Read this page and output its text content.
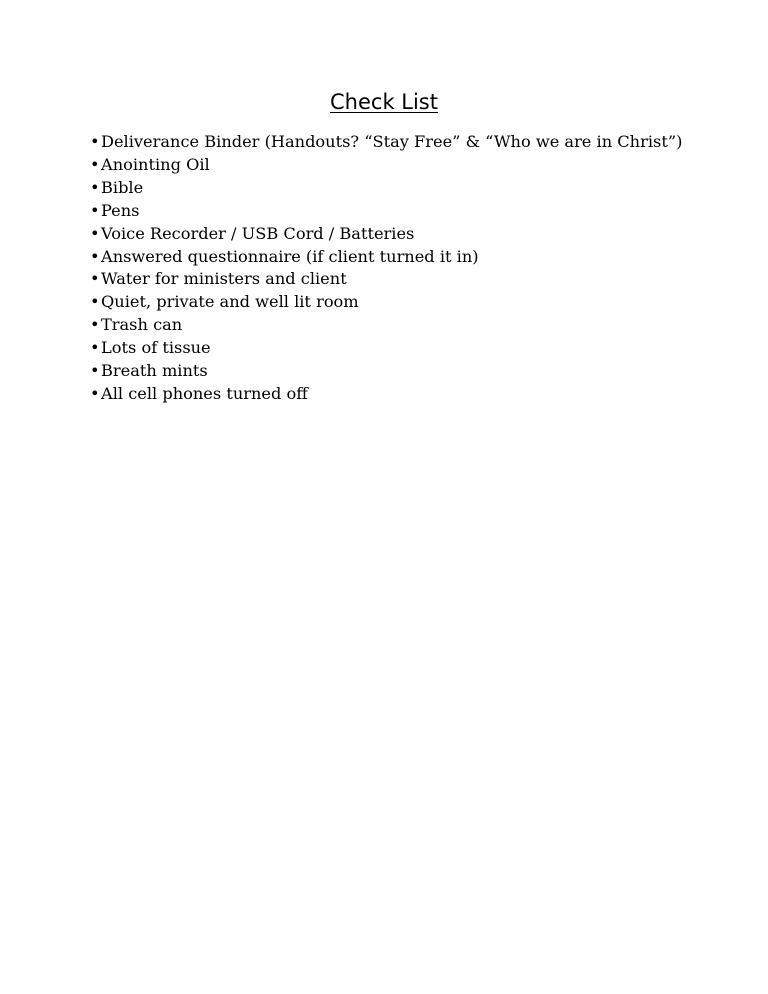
Check List
•Deliverance Binder (Handouts? “Stay Free” & “Who we are in Christ”)
•Anointing Oil
•Bible
•Pens
•Voice Recorder / USB Cord / Batteries
•Answered questionnaire (if client turned it in)
•Water for ministers and client
•Quiet, private and well lit room
•Trash can
•Lots of tissue
•Breath mints
•All cell phones turned off
